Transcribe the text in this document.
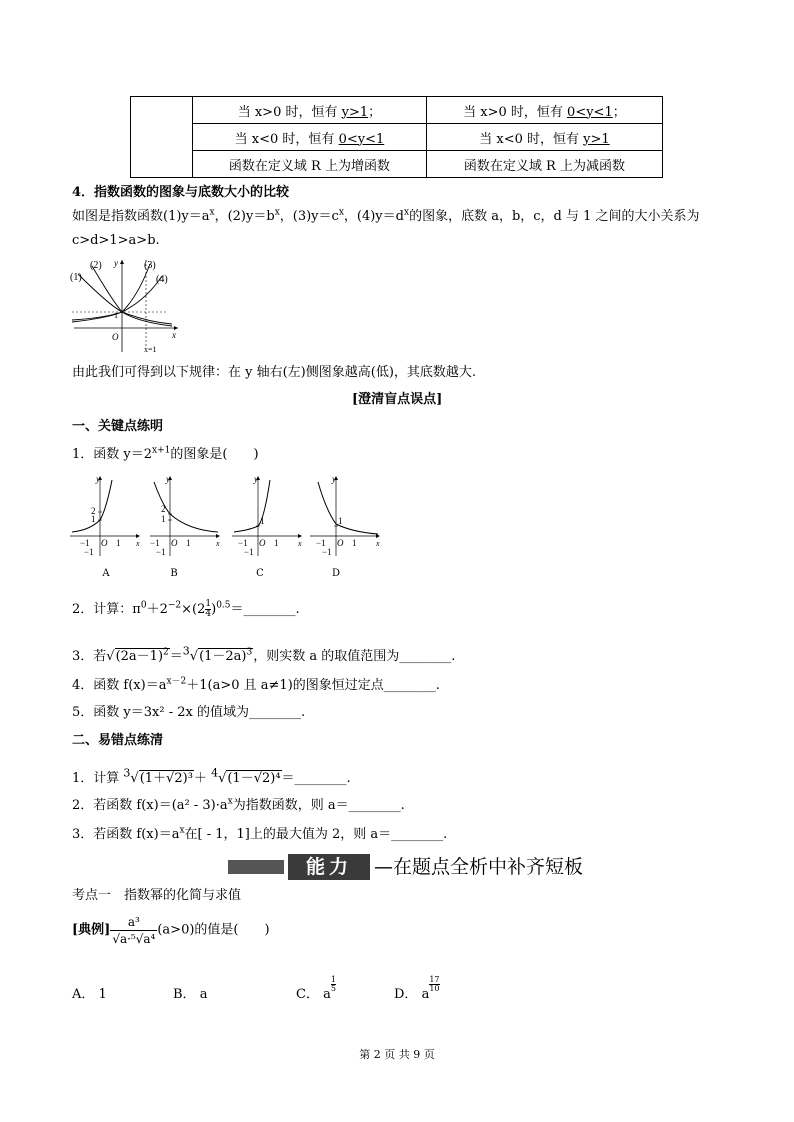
	当 x>0 时，恒有 y>1；	当 x>0 时，恒有 0<y<1；
	当 x<0 时，恒有 0<y<1	当 x<0 时，恒有 y>1
	函数在定义域 R 上为增函数	函数在定义域 R 上为减函数
4．指数函数的图象与底数大小的比较
如图是指数函数$(1)y=a^x$，$(2)y=b^x$，$(3)y=c^x$，$(4)y=d^x$的图象，底数 a，b，c，d 与 1 之间的大小关系为
c>d>1>a>b.
(1)
(2)	(3)
(4)
y
x
O
1
x=1
由此我们可得到以下规律：在 y 轴右(左)侧图象越高(低)，其底数越大.
[澄清盲点误点]
一、关键点练明
1．函数 $y=2^{x+1}$的图象是(　　)
y
x
1
2
−1 O 1
−1
y
x
1
2
−1 O 1
−1
y
x
1
−1 O 1
−1
y
x
1
−1 O 1
−1
A	B	C	D
2．计算：$\pi^0+2^{-2}\times(2 \frac{1}{4}$ )$^{0.5}$＝________.
3．若$√(2a-1)^2=^3√(1-2a)^3$，则实数 a 的取值范围为________.
4．函数 $f(x)=a^{x-2}+1(a>0$ 且 a≠1)的图象恒过定点________.
5．函数 y＝3x² - 2x 的值域为________.
二、易错点练清
1．计算 $^3$√(1＋√2)³＋ $^4$√(1－√2)⁴＝________.
2．若函数 $f(x)=(a^2 - 3)\cdot a^x$为指数函数，则 a＝________.
3．若函数 $f(x)=a^x$在[ - 1，1]上的最大值为 2，则 a＝________.
能力	—在题点全析中补齐短板
考点一　指数幂的化简与求值
[典例] $\frac{\text{a³}}{\text{√a·⁵√a⁴}} (a>0)$的值是(　　)
A． 1	B． a	C． a
$\frac{1}{5}$
D． a
$\frac{17}{10}$
第 2 页 共 9 页
